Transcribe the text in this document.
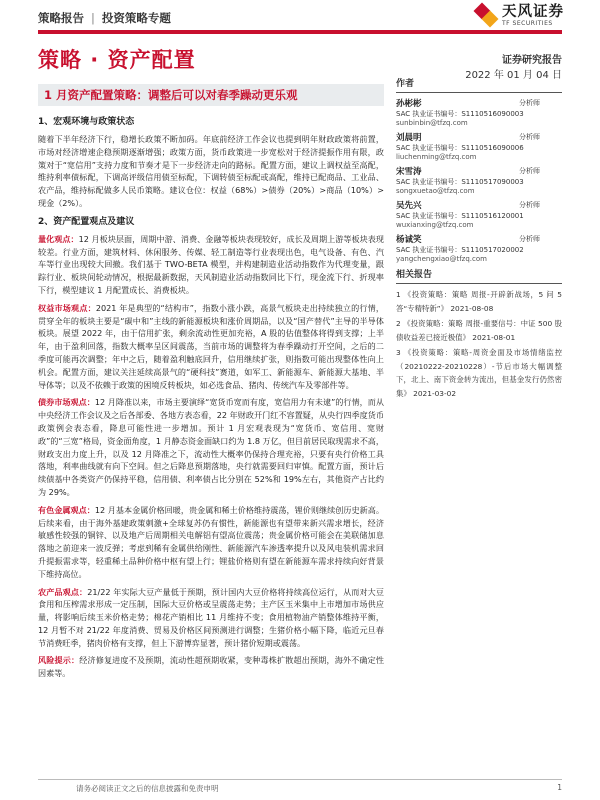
策略报告 | 投资策略专题	天风证券
TF SECURITIES
策略 · 资产配置	证券研究报告
2022 年 01 月 04 日
1 月资产配置策略：调整后可以对春季躁动更乐观
1、宏观环境与政策状态

随着下半年经济下行，稳增长政策不断加码。年底前经济工作会议也提到明年财政政策将前置，市场对经济增速企稳预期逐渐增强；政策方面，货币政策进一步宽松对于经济提振作用有限，政策对于“宽信用”支持力度和节奏才是下一步经济走向的路标。配置方面，建议上调权益至高配，维持利率债标配，下调高评级信用债至标配，下调转债至标配或高配，维持已配商品、工业品、农产品，维持标配做多人民币策略。建议仓位：权益（68%）>债券（20%）>商品（10%）>现金（2%）。

2、资产配置观点及建议

量化观点：12 月板块层面，周期中游、消费、金融等板块表现较好，成长及周期上游等板块表现较差。行业方面，建筑材料、休闲服务、传媒、轻工制造等行业表现出色，电气设备、有色、汽车等行业出现较大回撤。我们基于 TWO-BETA 模型，并构建制造业活动指数作为代理变量，跟踪行业、板块间轮动情况，根据最新数据，天风制造业活动指数同比下行，现金流下行、折现率下行，模型建议 1 月配置成长、消费板块。

权益市场观点：2021 年是典型的“结构市”，指数小涨小跌，高景气板块走出持续独立的行情，贯穿全年的板块主要是“碳中和”主线的新能源板块和涨价周期品，以及“国产替代”主导的半导体板块。展望 2022 年，由于信用扩张，剩余流动性更加充裕，A 股的估值整体将得到支撑；上半年，由于盈利回落，指数大概率呈区间震荡，当前市场的调整将为春季躁动打开空间，之后的二季度可能再次调整；年中之后，随着盈利触底回升，信用继续扩张，则指数可能出现整体性向上机会。配置方面，建议关注延续高景气的“硬科技”赛道，如军工、新能源车、新能源大基地、半导体等；以及不依赖于政策的困境反转板块，如必选食品、猪肉、传统汽车及零部件等。

债券市场观点：12 月降准以来，市场主要演绎“宽货币宽而有度，宽信用力有未逮”的行情，而从中央经济工作会议及之后各部委、各地方表态看，22 年财政开门红不容置疑，从央行四季度货币政策例会表态看，降息可能性进一步增加。预计 1 月宏观表现为“宽货币、宽信用、宽财政”的“三宽”格局，资金面角度，1 月静态资金面缺口约为 1.8 万亿，但目前居民取现需求不高，财政支出力度上升，以及 12 月降准之下，流动性大概率仍保持合理充裕，只要有央行价格工具落地，利率曲线就有向下空间。但之后降息预期落地，央行就需要回归审慎。配置方面，预计后续债基中各类资产仍保持平稳，信用债、利率债占比分别在 52%和 19%左右，其他资产占比约为 29%。

有色金属观点：12 月基本金属价格回暖，贵金属和稀土价格维持震荡，锂价则继续创历史新高。后续来看，由于海外基建政策刺激+全球复苏仍有惯性，新能源也有望带来新兴需求增长，经济敏感性较强的铜锌、以及地产后周期相关电解铝有望高位震荡；贵金属价格可能会在美联储加息落地之前迎来一波反弹；考虑到稀有金属供给刚性、新能源汽车渗透率提升以及风电装机需求回升提振需求等，轻重稀土品种价格中枢有望上行；锂盐价格则有望在新能源车需求持续向好背景下维持高位。

农产品观点：21/22 年实际大豆产量低于预期，预计国内大豆价格将持续高位运行，从而对大豆食用和压榨需求形成一定压制，国际大豆价格或呈震荡走势；主产区玉米集中上市增加市场供应量，将影响后续玉米价格走势；棉花产销相比 11 月维持不变；食用植物油产销整体维持平衡，12 月暂不对 21/22 年度消费、贸易及价格区间预测进行调整；生猪价格小幅下降，临近元旦春节消费旺季，猪肉价格有支撑，但上下游博弈显著，预计猪价短期或震荡。

风险提示：经济修复进度不及预期，流动性超预期收紧，变种毒株扩散超出预期，海外不确定性因素等。

作者
孙彬彬	分析师
SAC 执业证书编号：S1110516090003
sunbinbin@tfzq.com
刘晨明	分析师
SAC 执业证书编号：S1110516090006
liuchenming@tfzq.com
宋雪涛	分析师
SAC 执业证书编号：S1110517090003
songxuetao@tfzq.com
吴先兴	分析师
SAC 执业证书编号：S1110516120001
wuxianxing@tfzq.com
杨诚笑	分析师
SAC 执业证书编号：S1110517020002
yangchengxiao@tfzq.com
相关报告
1 《投资策略：策略 周报-开辟新战场，5 问 5 答“专精特新”》 2021-08-08
2 《投资策略：策略 周报-重要信号：中证 500 股债收益差已接近极值》 2021-08-01
3 《投资策略：策略-周资金面及市场情绪监控（20210222-20210228）-节后市场大幅调整下，北上、南下资金转为流出，但基金发行仍然密集》 2021-03-02
请务必阅读正文之后的信息披露和免责申明	1
